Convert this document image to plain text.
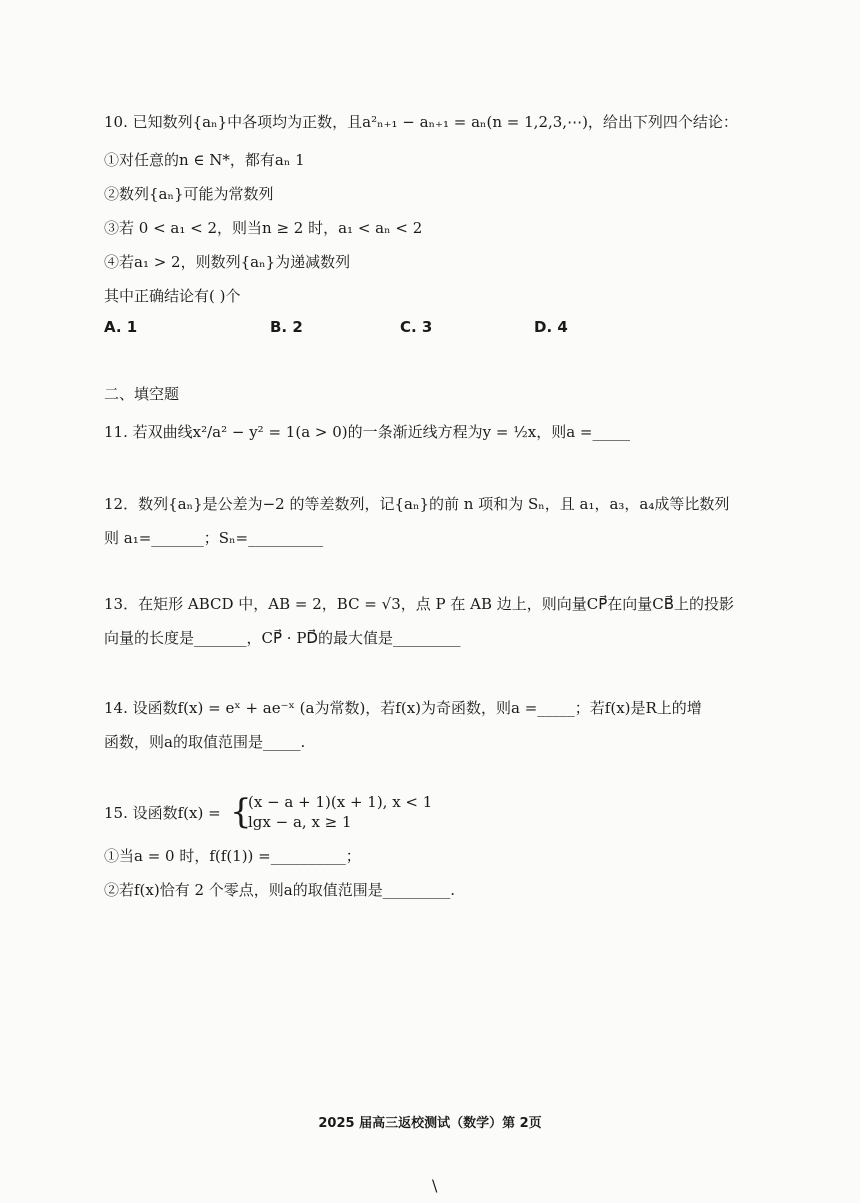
10. 已知数列{aₙ}中各项均为正数，且a²ₙ₊₁ − aₙ₊₁ = aₙ(n = 1,2,3,⋯)，给出下列四个结论：
①对任意的n ∈ N*，都有aₙ 1
②数列{aₙ}可能为常数列
③若 0 < a₁ < 2，则当n ≥ 2 时，a₁ < aₙ < 2
④若a₁ > 2，则数列{aₙ}为递减数列
其中正确结论有( )个
A. 1	B. 2	C. 3	D. 4
二、填空题
11. 若双曲线x²/a² − y² = 1(a > 0)的一条渐近线方程为y = ½x，则a =_____
12．数列{aₙ}是公差为−2 的等差数列，记{aₙ}的前 n 项和为 Sₙ，且 a₁，a₃，a₄成等比数列
则 a₁=_______；Sₙ=__________
13．在矩形 ABCD 中，AB = 2，BC = √3，点 P 在 AB 边上，则向量CP⃗在向量CB⃗上的投影
向量的长度是_______，CP⃗ · PD⃗的最大值是_________
14. 设函数f(x) = eˣ + ae⁻ˣ (a为常数)，若f(x)为奇函数，则a =_____；若f(x)是R上的增
函数，则a的取值范围是_____.
15. 设函数f(x) = {
(x − a + 1)(x + 1), x < 1
lgx − a, x ≥ 1
①当a = 0 时，f(f(1)) =__________；
②若f(x)恰有 2 个零点，则a的取值范围是_________.
2025 届高三返校测试（数学）第 2页
\
